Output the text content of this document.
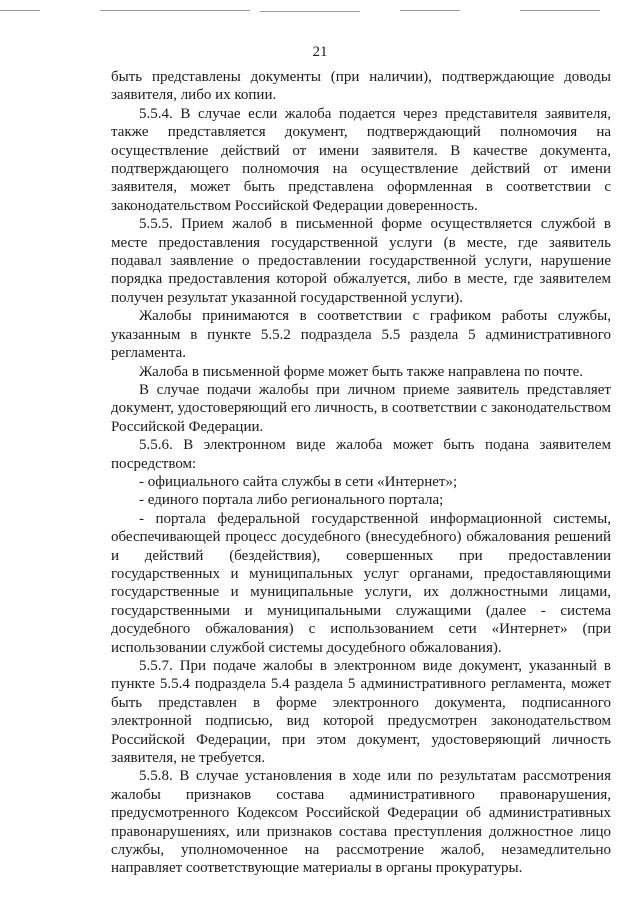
21

быть представлены документы (при наличии), подтверждающие доводы заявителя, либо их копии.

5.5.4. В случае если жалоба подается через представителя заявителя, также представляется документ, подтверждающий полномочия на осуществление действий от имени заявителя. В качестве документа, подтверждающего полномочия на осуществление действий от имени заявителя, может быть представлена оформленная в соответствии с законодательством Российской Федерации доверенность.

5.5.5. Прием жалоб в письменной форме осуществляется службой в месте предоставления государственной услуги (в месте, где заявитель подавал заявление о предоставлении государственной услуги, нарушение порядка предоставления которой обжалуется, либо в месте, где заявителем получен результат указанной государственной услуги).

Жалобы принимаются в соответствии с графиком работы службы, указанным в пункте 5.5.2 подраздела 5.5 раздела 5 административного регламента.

Жалоба в письменной форме может быть также направлена по почте.

В случае подачи жалобы при личном приеме заявитель представляет документ, удостоверяющий его личность, в соответствии с законодательством Российской Федерации.

5.5.6. В электронном виде жалоба может быть подана заявителем посредством:

- официального сайта службы в сети «Интернет»;

- единого портала либо регионального портала;

- портала федеральной государственной информационной системы, обеспечивающей процесс досудебного (внесудебного) обжалования решений и действий (бездействия), совершенных при предоставлении государственных и муниципальных услуг органами, предоставляющими государственные и муниципальные услуги, их должностными лицами, государственными и муниципальными служащими (далее - система досудебного обжалования) с использованием сети «Интернет» (при использовании службой системы досудебного обжалования).

5.5.7. При подаче жалобы в электронном виде документ, указанный в пункте 5.5.4 подраздела 5.4 раздела 5 административного регламента, может быть представлен в форме электронного документа, подписанного электронной подписью, вид которой предусмотрен законодательством Российской Федерации, при этом документ, удостоверяющий личность заявителя, не требуется.

5.5.8. В случае установления в ходе или по результатам рассмотрения жалобы признаков состава административного правонарушения, предусмотренного Кодексом Российской Федерации об административных правонарушениях, или признаков состава преступления должностное лицо службы, уполномоченное на рассмотрение жалоб, незамедлительно направляет соответствующие материалы в органы прокуратуры.
